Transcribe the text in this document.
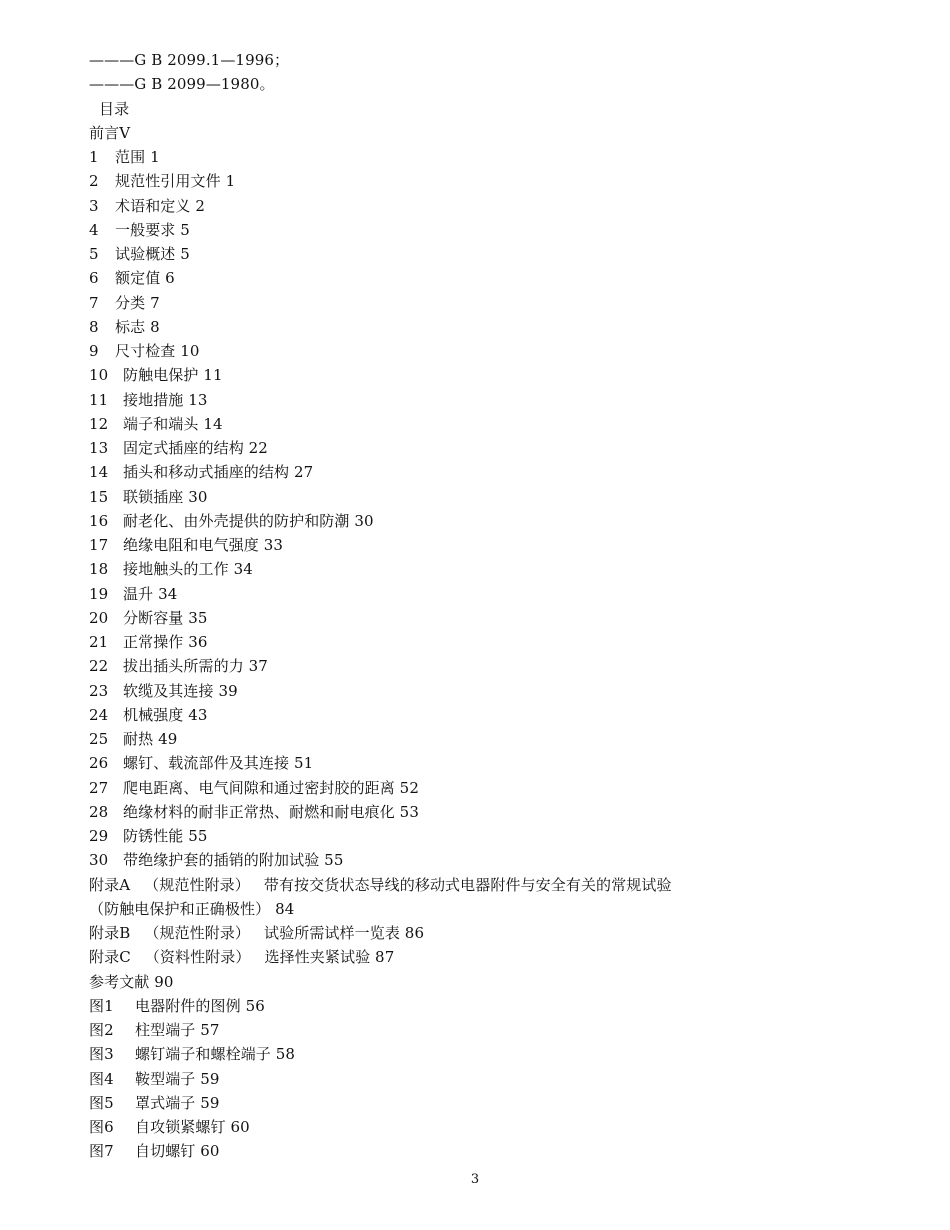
———G B 2099.1—1996；
———G B 2099—1980。
目录
前言Ⅴ
1 范围 1
2 规范性引用文件 1
3 术语和定义 2
4 一般要求 5
5 试验概述 5
6 额定值 6
7 分类 7
8 标志 8
9 尺寸检查 10
10 防触电保护 11
11 接地措施 13
12 端子和端头 14
13 固定式插座的结构 22
14 插头和移动式插座的结构 27
15 联锁插座 30
16 耐老化、由外壳提供的防护和防潮 30
17 绝缘电阻和电气强度 33
18 接地触头的工作 34
19 温升 34
20 分断容量 35
21 正常操作 36
22 拔出插头所需的力 37
23 软缆及其连接 39
24 机械强度 43
25 耐热 49
26 螺钉、载流部件及其连接 51
27 爬电距离、电气间隙和通过密封胶的距离 52
28 绝缘材料的耐非正常热、耐燃和耐电痕化 53
29 防锈性能 55
30 带绝缘护套的插销的附加试验 55
附录A （规范性附录） 带有按交货状态导线的移动式电器附件与安全有关的常规试验
（防触电保护和正确极性） 84
附录B （规范性附录） 试验所需试样一览表 86
附录C （资料性附录） 选择性夹紧试验 87
参考文献 90
图1 电器附件的图例 56
图2 柱型端子 57
图3 螺钉端子和螺栓端子 58
图4 鞍型端子 59
图5 罩式端子 59
图6 自攻锁紧螺钉 60
图7 自切螺钉 60
3
